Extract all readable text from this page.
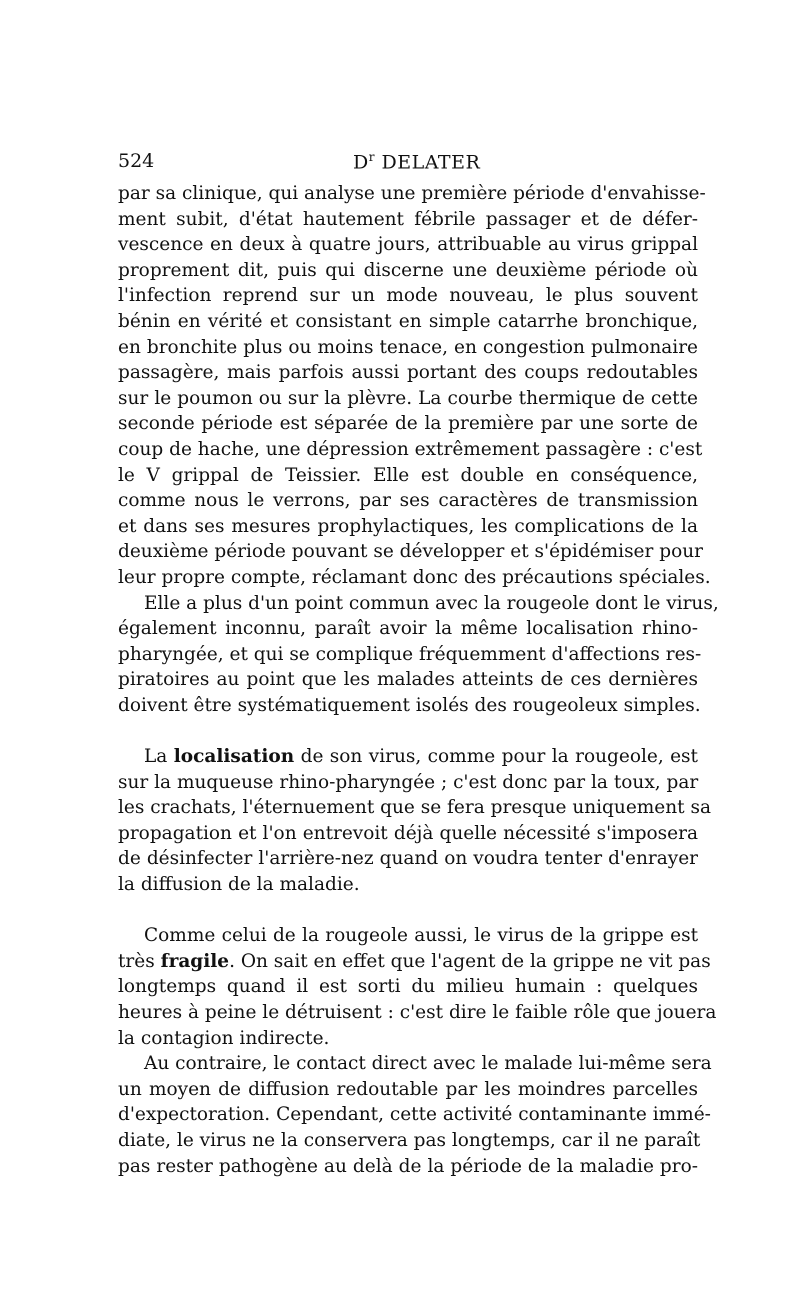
524	$D^r$ DELATER
par sa clinique, qui analyse une première période d'envahisse-
ment subit, d'état hautement fébrile passager et de défer-
vescence en deux à quatre jours, attribuable au virus grippal
proprement dit, puis qui discerne une deuxième période où
l'infection reprend sur un mode nouveau, le plus souvent
bénin en vérité et consistant en simple catarrhe bronchique,
en bronchite plus ou moins tenace, en congestion pulmonaire
passagère, mais parfois aussi portant des coups redoutables
sur le poumon ou sur la plèvre. La courbe thermique de cette
seconde période est séparée de la première par une sorte de
coup de hache, une dépression extrêmement passagère : c'est
le V grippal de Teissier. Elle est double en conséquence,
comme nous le verrons, par ses caractères de transmission
et dans ses mesures prophylactiques, les complications de la
deuxième période pouvant se développer et s'épidémiser pour
leur propre compte, réclamant donc des précautions spéciales.
Elle a plus d'un point commun avec la rougeole dont le virus,
également inconnu, paraît avoir la même localisation rhino-
pharyngée, et qui se complique fréquemment d'affections res-
piratoires au point que les malades atteints de ces dernières
doivent être systématiquement isolés des rougeoleux simples.
La localisation de son virus, comme pour la rougeole, est
sur la muqueuse rhino-pharyngée ; c'est donc par la toux, par
les crachats, l'éternuement que se fera presque uniquement sa
propagation et l'on entrevoit déjà quelle nécessité s'imposera
de désinfecter l'arrière-nez quand on voudra tenter d'enrayer
la diffusion de la maladie.
Comme celui de la rougeole aussi, le virus de la grippe est
très fragile. On sait en effet que l'agent de la grippe ne vit pas
longtemps quand il est sorti du milieu humain : quelques
heures à peine le détruisent : c'est dire le faible rôle que jouera
la contagion indirecte.
Au contraire, le contact direct avec le malade lui-même sera
un moyen de diffusion redoutable par les moindres parcelles
d'expectoration. Cependant, cette activité contaminante immé-
diate, le virus ne la conservera pas longtemps, car il ne paraît
pas rester pathogène au delà de la période de la maladie pro-
